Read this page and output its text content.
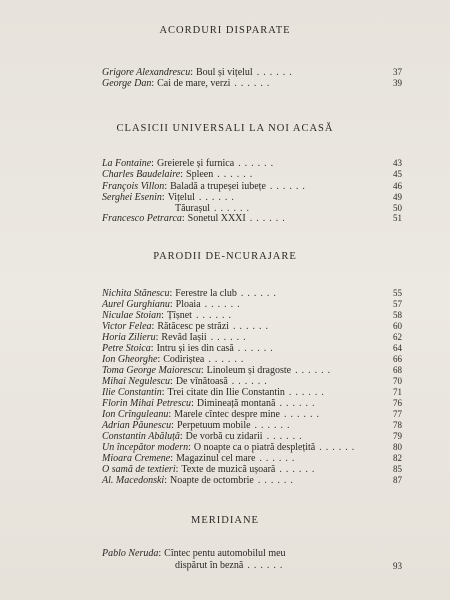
ACORDURI DISPARATE
Grigore Alexandrescu : Boul și vițelul ......	37
George Dan : Cai de mare, verzi ......	39
CLASICII UNIVERSALI LA NOI ACASĂ
La Fontaine : Greierele și furnica ......	43
Charles Baudelaire : Spleen ......	45
François Villon : Baladă a trupeșei iubețe ......	46
Serghei Esenin : Vițelul ......	49
Tăurașul ......	50
Francesco Petrarca : Sonetul XXXI ......	51
PARODII DE-NCURAJARE
Nichita Stănescu : Ferestre la club ......	55
Aurel Gurghianu : Ploaia ......	57
Niculae Stoian : Țîșnet ......	58
Victor Felea : Rătăcesc pe străzi ......	60
Horia Zilieru : Revăd Iașii ......	62
Petre Stoica : Intru și ies din casă ......	64
Ion Gheorghe : Codiriștea ......	66
Toma George Maiorescu : Linoleum și dragoste ......	68
Mihai Negulescu : De vînătoasă ......	70
Ilie Constantin : Trei citate din Ilie Constantin ......	71
Florin Mihai Petrescu : Dimineață montană ......	76
Ion Crînguleanu : Marele cîntec despre mine ......	77
Adrian Păunescu : Perpetuum mobile ......	78
Constantin Abăluță : De vorbă cu zidarii ......	79
Un începător modern : O noapte ca o piatră desplețită ......	80
Mioara Cremene : Magazinul cel mare ......	82
O samă de textieri : Texte de muzică ușoară ......	85
Al. Macedonski : Noapte de octombrie ......	87
MERIDIANE
Pablo Neruda : Cîntec pentu automobilul meu
dispărut în beznă ......	93
